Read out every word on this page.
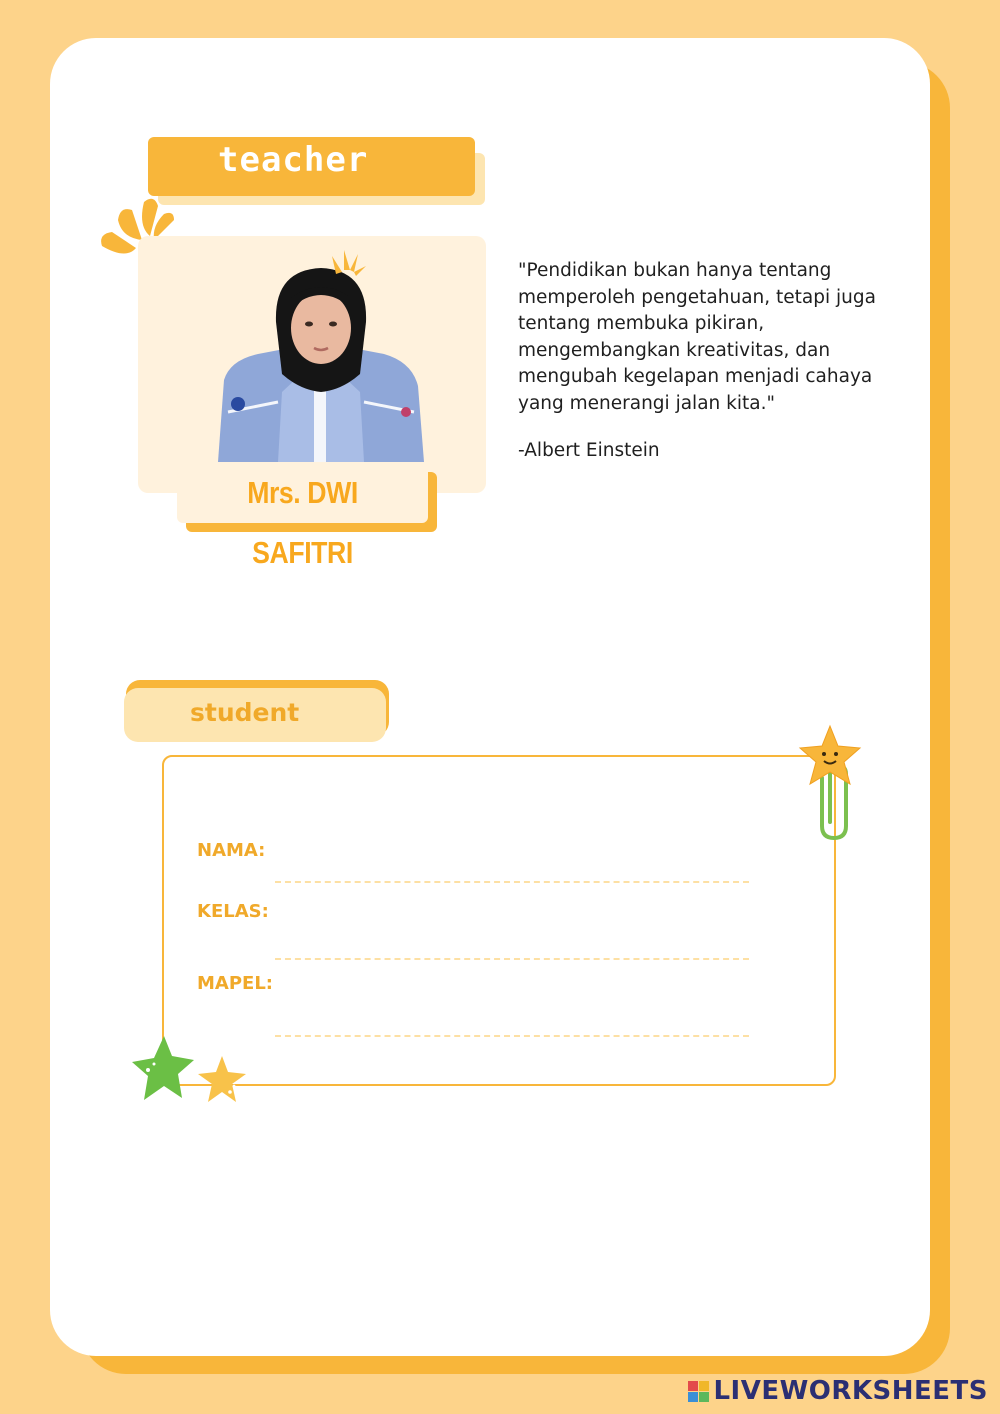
teacher
Mrs. DWI SAFITRI
"Pendidikan bukan hanya tentang memperoleh pengetahuan, tetapi juga tentang membuka pikiran, mengembangkan kreativitas, dan mengubah kegelapan menjadi cahaya yang menerangi jalan kita."
-Albert Einstein
student
NAMA:
KELAS:
MAPEL:
LIVEWORKSHEETS
